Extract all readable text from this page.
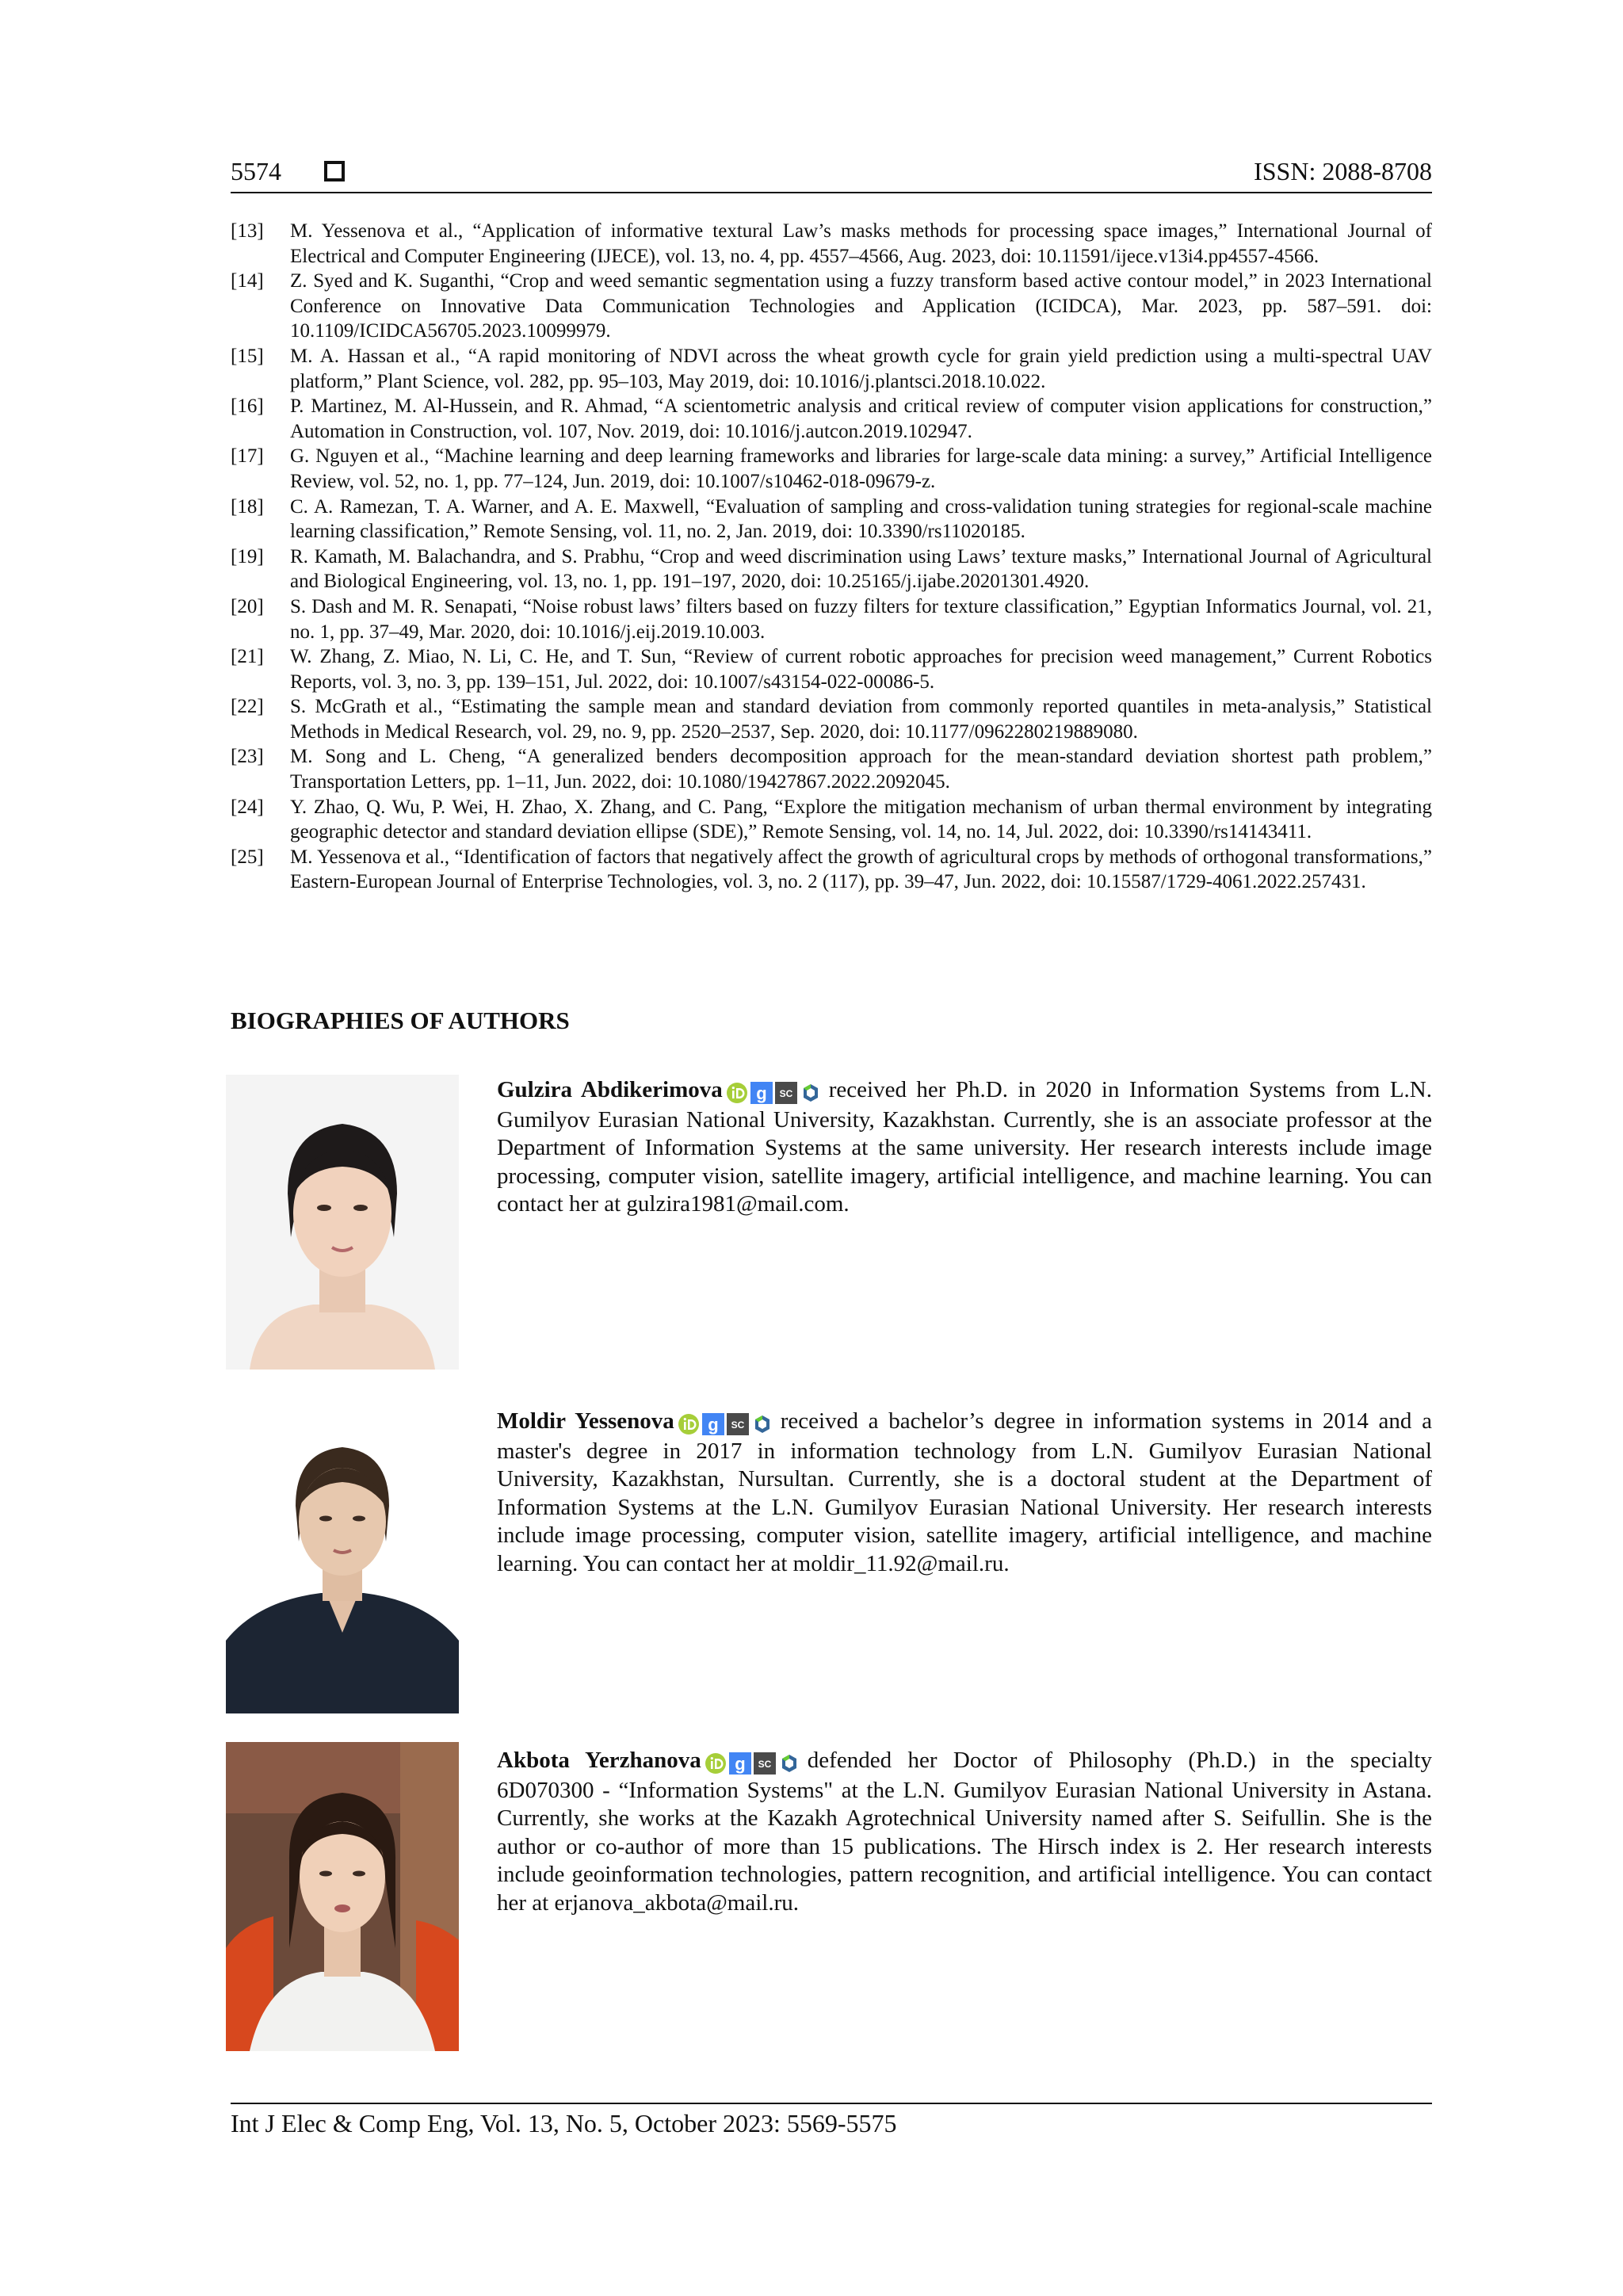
5574	ISSN: 2088-8708
[13]	M. Yessenova et al., “Application of informative textural Law’s masks methods for processing space images,” International Journal of Electrical and Computer Engineering (IJECE), vol. 13, no. 4, pp. 4557–4566, Aug. 2023, doi: 10.11591/ijece.v13i4.pp4557-4566.
[14]	Z. Syed and K. Suganthi, “Crop and weed semantic segmentation using a fuzzy transform based active contour model,” in 2023 International Conference on Innovative Data Communication Technologies and Application (ICIDCA), Mar. 2023, pp. 587–591. doi: 10.1109/ICIDCA56705.2023.10099979.
[15]	M. A. Hassan et al., “A rapid monitoring of NDVI across the wheat growth cycle for grain yield prediction using a multi-spectral UAV platform,” Plant Science, vol. 282, pp. 95–103, May 2019, doi: 10.1016/j.plantsci.2018.10.022.
[16]	P. Martinez, M. Al-Hussein, and R. Ahmad, “A scientometric analysis and critical review of computer vision applications for construction,” Automation in Construction, vol. 107, Nov. 2019, doi: 10.1016/j.autcon.2019.102947.
[17]	G. Nguyen et al., “Machine learning and deep learning frameworks and libraries for large-scale data mining: a survey,” Artificial Intelligence Review, vol. 52, no. 1, pp. 77–124, Jun. 2019, doi: 10.1007/s10462-018-09679-z.
[18]	C. A. Ramezan, T. A. Warner, and A. E. Maxwell, “Evaluation of sampling and cross-validation tuning strategies for regional-scale machine learning classification,” Remote Sensing, vol. 11, no. 2, Jan. 2019, doi: 10.3390/rs11020185.
[19]	R. Kamath, M. Balachandra, and S. Prabhu, “Crop and weed discrimination using Laws’ texture masks,” International Journal of Agricultural and Biological Engineering, vol. 13, no. 1, pp. 191–197, 2020, doi: 10.25165/j.ijabe.20201301.4920.
[20]	S. Dash and M. R. Senapati, “Noise robust laws’ filters based on fuzzy filters for texture classification,” Egyptian Informatics Journal, vol. 21, no. 1, pp. 37–49, Mar. 2020, doi: 10.1016/j.eij.2019.10.003.
[21]	W. Zhang, Z. Miao, N. Li, C. He, and T. Sun, “Review of current robotic approaches for precision weed management,” Current Robotics Reports, vol. 3, no. 3, pp. 139–151, Jul. 2022, doi: 10.1007/s43154-022-00086-5.
[22]	S. McGrath et al., “Estimating the sample mean and standard deviation from commonly reported quantiles in meta-analysis,” Statistical Methods in Medical Research, vol. 29, no. 9, pp. 2520–2537, Sep. 2020, doi: 10.1177/0962280219889080.
[23]	M. Song and L. Cheng, “A generalized benders decomposition approach for the mean-standard deviation shortest path problem,” Transportation Letters, pp. 1–11, Jun. 2022, doi: 10.1080/19427867.2022.2092045.
[24]	Y. Zhao, Q. Wu, P. Wei, H. Zhao, X. Zhang, and C. Pang, “Explore the mitigation mechanism of urban thermal environment by integrating geographic detector and standard deviation ellipse (SDE),” Remote Sensing, vol. 14, no. 14, Jul. 2022, doi: 10.3390/rs14143411.
[25]	M. Yessenova et al., “Identification of factors that negatively affect the growth of agricultural crops by methods of orthogonal transformations,” Eastern-European Journal of Enterprise Technologies, vol. 3, no. 2 (117), pp. 39–47, Jun. 2022, doi: 10.15587/1729-4061.2022.257431.
BIOGRAPHIES OF AUTHORS
Gulzira Abdikerimova g SC received her Ph.D. in 2020 in Information Systems from L.N. Gumilyov Eurasian National University, Kazakhstan. Currently, she is an associate professor at the Department of Information Systems at the same university. Her research interests include image processing, computer vision, satellite imagery, artificial intelligence, and machine learning. You can contact her at gulzira1981@mail.com.
Moldir Yessenova g SC received a bachelor’s degree in information systems in 2014 and a master's degree in 2017 in information technology from L.N. Gumilyov Eurasian National University, Kazakhstan, Nursultan. Currently, she is a doctoral student at the Department of Information Systems at the L.N. Gumilyov Eurasian National University. Her research interests include image processing, computer vision, satellite imagery, artificial intelligence, and machine learning. You can contact her at moldir_11.92@mail.ru.
Akbota Yerzhanova g SC defended her Doctor of Philosophy (Ph.D.) in the specialty 6D070300 - “Information Systems" at the L.N. Gumilyov Eurasian National University in Astana. Currently, she works at the Kazakh Agrotechnical University named after S. Seifullin. She is the author or co-author of more than 15 publications. The Hirsch index is 2. Her research interests include geoinformation technologies, pattern recognition, and artificial intelligence. You can contact her at erjanova_akbota@mail.ru.
Int J Elec & Comp Eng, Vol. 13, No. 5, October 2023: 5569-5575
